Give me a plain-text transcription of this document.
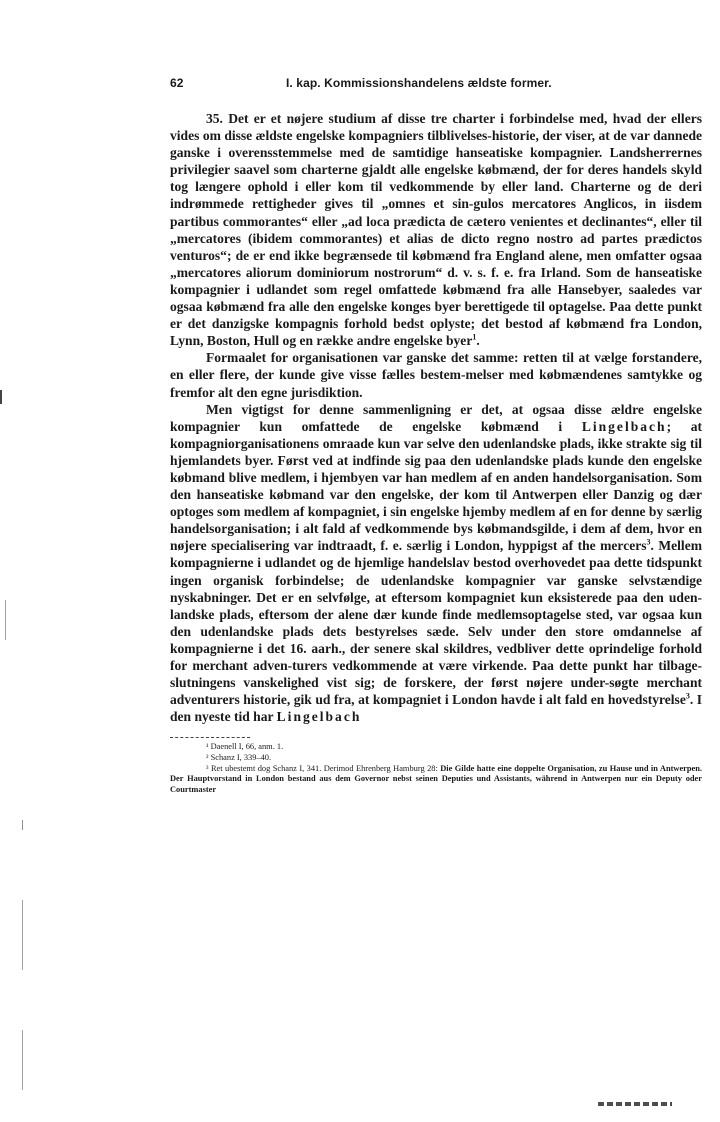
62	I. kap. Kommissionshandelens ældste former.

35. Det er et nøjere studium af disse tre charter i forbindelse med, hvad der ellers vides om disse ældste engelske kompagniers tilblivelses-historie, der viser, at de var dannede ganske i overensstemmelse med de samtidige hanseatiske kompagnier. Landsherrernes privilegier saavel som charterne gjaldt alle engelske købmænd, der for deres handels skyld tog længere ophold i eller kom til vedkommende by eller land. Charterne og de deri indrømmede rettigheder gives til „omnes et sin-gulos mercatores Anglicos, in iisdem partibus commorantes“ eller „ad loca prædicta de cætero venientes et declinantes“, eller til „mercatores (ibidem commorantes) et alias de dicto regno nostro ad partes prædictos venturos“; de er end ikke begrænsede til købmænd fra England alene, men omfatter ogsaa „mercatores aliorum dominiorum nostrorum“ d. v. s. f. e. fra Irland. Som de hanseatiske kompagnier i udlandet som regel omfattede købmænd fra alle Hansebyer, saaledes var ogsaa købmænd fra alle den engelske konges byer berettigede til optagelse. Paa dette punkt er det danzigske kompagnis forhold bedst oplyste; det bestod af købmænd fra London, Lynn, Boston, Hull og en række andre engelske byer$^1$.

Formaalet for organisationen var ganske det samme: retten til at vælge forstandere, en eller flere, der kunde give visse fælles bestem-melser med købmændenes samtykke og fremfor alt den egne jurisdiktion.

Men vigtigst for denne sammenligning er det, at ogsaa disse ældre engelske kompagnier kun omfattede de engelske købmænd i Lingelbach; at kompagniorganisationens omraade kun var selve den udenlandske plads, ikke strakte sig til hjemlandets byer. Først ved at indfinde sig paa den udenlandske plads kunde den engelske købmand blive medlem, i hjembyen var han medlem af en anden handelsorganisation. Som den hanseatiske købmand var den engelske, der kom til Antwerpen eller Danzig og dær optoges som medlem af kompagniet, i sin engelske hjemby medlem af en for denne by særlig handelsorganisation; i alt fald af vedkommende bys købmandsgilde, i dem af dem, hvor en nøjere specialisering var indtraadt, f. e. særlig i London, hyppigst af the mercers$^3$. Mellem kompagnierne i udlandet og de hjemlige handelslav bestod overhovedet paa dette tidspunkt ingen organisk forbindelse; de udenlandske kompagnier var ganske selvstændige nyskabninger. Det er en selvfølge, at eftersom kompagniet kun eksisterede paa den uden-landske plads, eftersom der alene dær kunde finde medlemsoptagelse sted, var ogsaa kun den udenlandske plads dets bestyrelses sæde. Selv under den store omdannelse af kompagnierne i det 16. aarh., der senere skal skildres, vedbliver dette oprindelige forhold for merchant adven-turers vedkommende at være virkende. Paa dette punkt har tilbage-slutningens vanskelighed vist sig; de forskere, der først nøjere under-søgte merchant adventurers historie, gik ud fra, at kompagniet i London havde i alt fald en hovedstyrelse$^3$. I den nyeste tid har Lingelbach

¹ Daenell I, 66, anm. 1.
² Schanz I, 339–40.
³ Ret ubestemt dog Schanz I, 341. Derimod Ehrenberg Hamburg 28: Die Gilde hatte eine doppelte Organisation, zu Hause und in Antwerpen. Der Hauptvorstand in London bestand aus dem Governor nebst seinen Deputies und Assistants, während in Antwerpen nur ein Deputy oder Courtmaster
